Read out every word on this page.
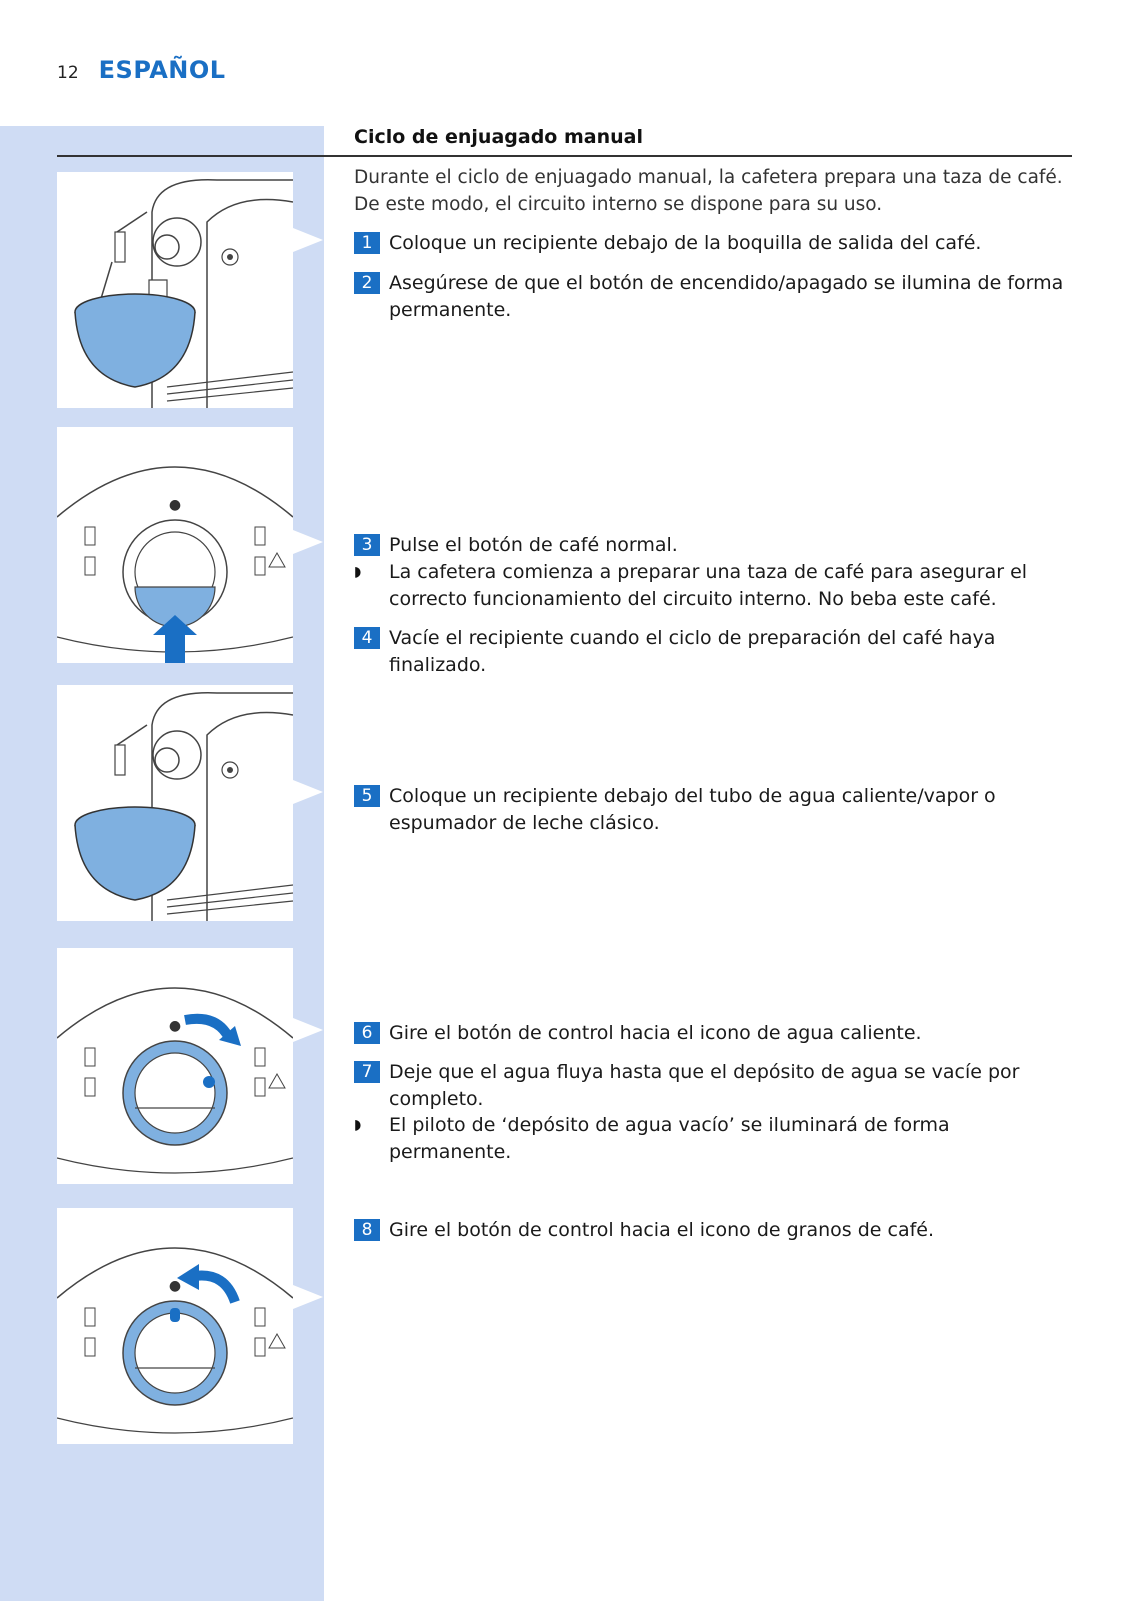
12 ESPAÑOL
●
●
●
Ciclo de enjuagado manual

Durante el ciclo de enjuagado manual, la cafetera prepara una taza de café. De este modo, el circuito interno se dispone para su uso.

1 Coloque un recipiente debajo de la boquilla de salida del café.
2 Asegúrese de que el botón de encendido/apagado se ilumina de forma permanente.
3 Pulse el botón de café normal.
◗	La cafetera comienza a preparar una taza de café para asegurar el correcto funcionamiento del circuito interno. No beba este café.
4 Vacíe el recipiente cuando el ciclo de preparación del café haya finalizado.
5 Coloque un recipiente debajo del tubo de agua caliente/vapor o espumador de leche clásico.
6 Gire el botón de control hacia el icono de agua caliente.
7 Deje que el agua fluya hasta que el depósito de agua se vacíe por completo.
◗	El piloto de ‘depósito de agua vacío’ se iluminará de forma permanente.
8 Gire el botón de control hacia el icono de granos de café.
